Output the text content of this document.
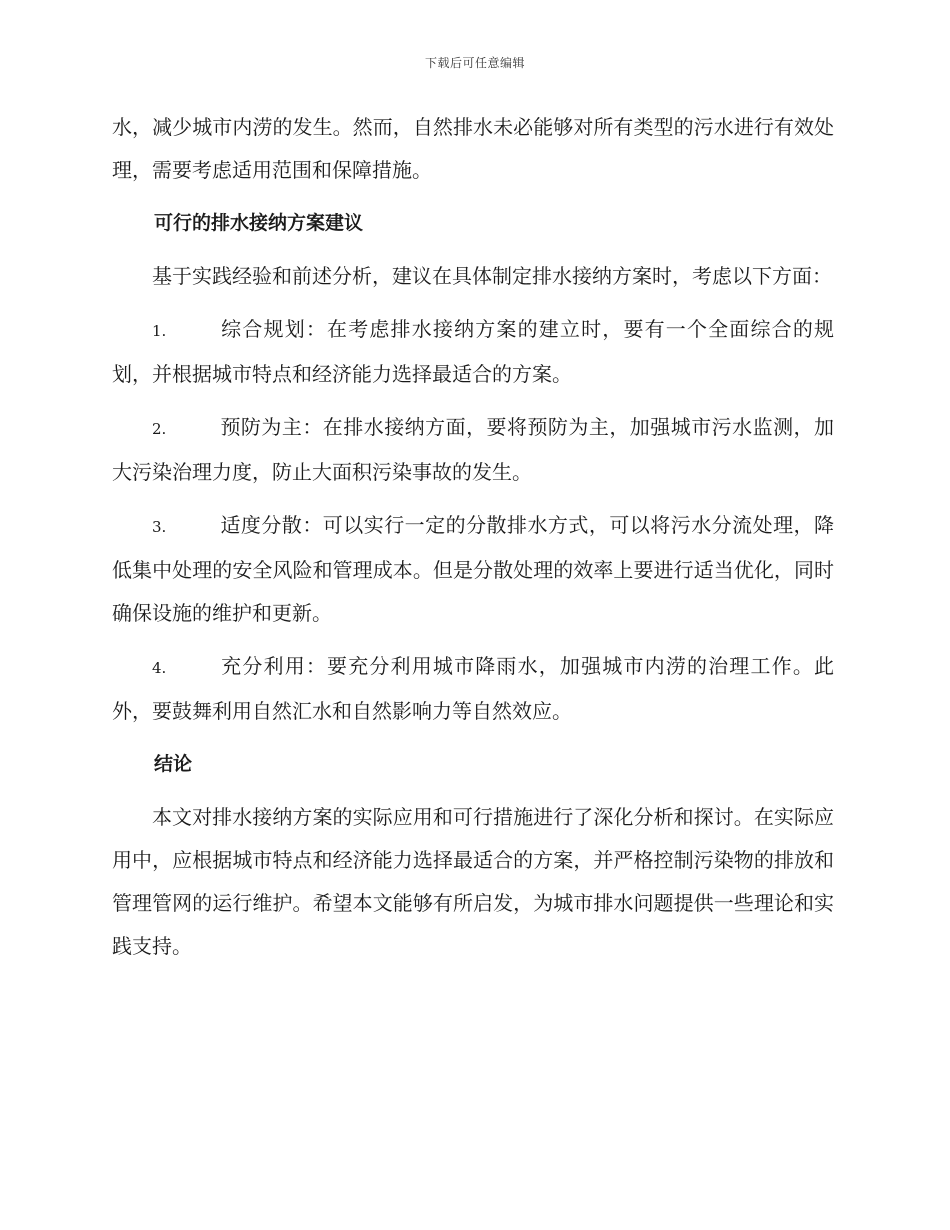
下载后可任意编辑

水，减少城市内涝的发生。然而，自然排水未必能够对所有类型的污水进行有效处理，需要考虑适用范围和保障措施。

可行的排水接纳方案建议

基于实践经验和前述分析，建议在具体制定排水接纳方案时，考虑以下方面：

1.	综合规划：在考虑排水接纳方案的建立时，要有一个全面综合的规划，并根据城市特点和经济能力选择最适合的方案。

2.	预防为主：在排水接纳方面，要将预防为主，加强城市污水监测，加大污染治理力度，防止大面积污染事故的发生。

3.	适度分散：可以实行一定的分散排水方式，可以将污水分流处理，降低集中处理的安全风险和管理成本。但是分散处理的效率上要进行适当优化，同时确保设施的维护和更新。

4.	充分利用：要充分利用城市降雨水，加强城市内涝的治理工作。此外，要鼓舞利用自然汇水和自然影响力等自然效应。

结论

本文对排水接纳方案的实际应用和可行措施进行了深化分析和探讨。在实际应用中，应根据城市特点和经济能力选择最适合的方案，并严格控制污染物的排放和管理管网的运行维护。希望本文能够有所启发，为城市排水问题提供一些理论和实践支持。
